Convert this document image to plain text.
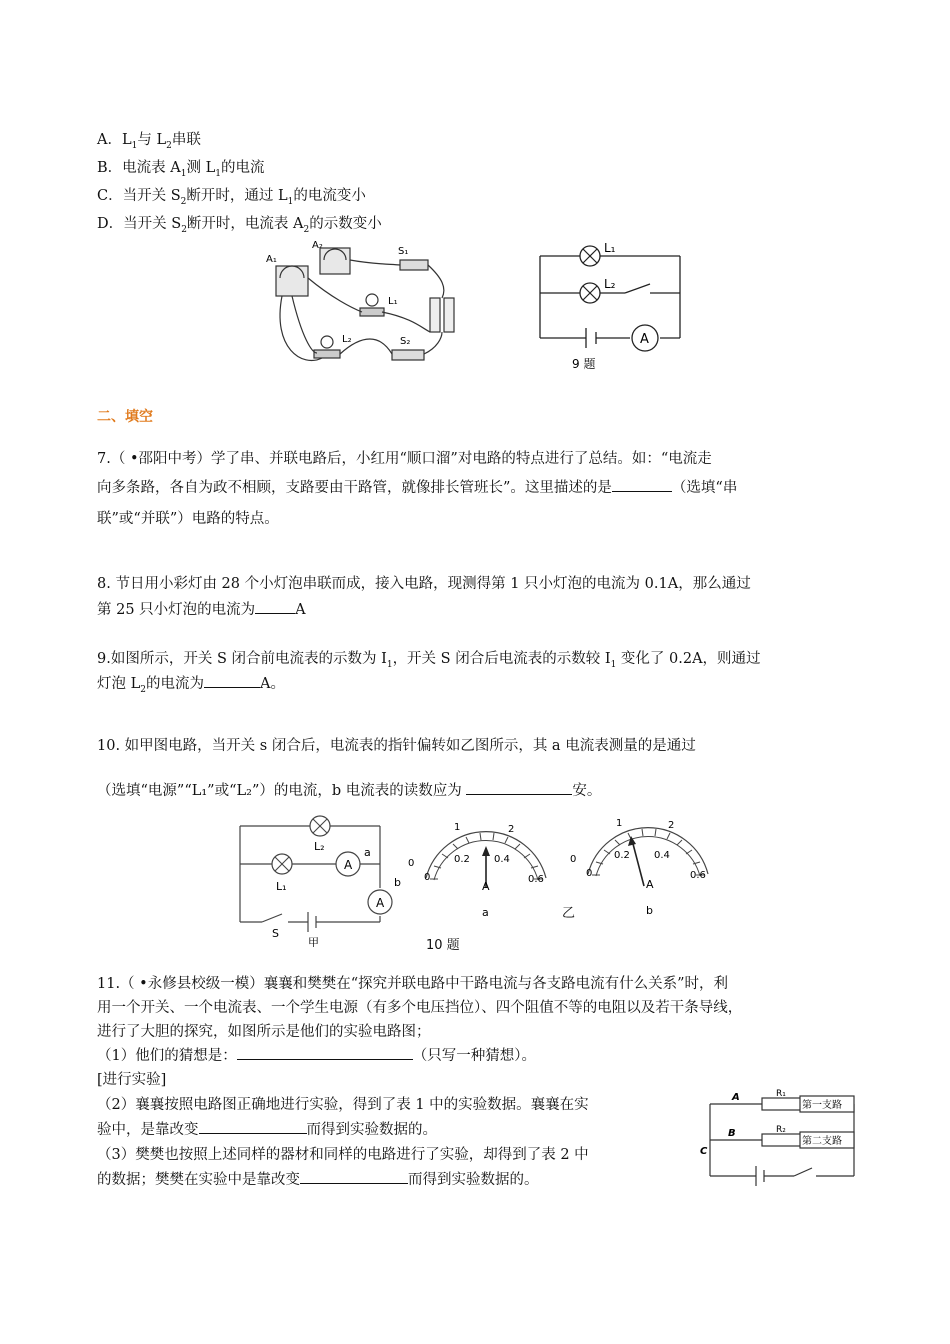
A．$L_1$与 $L_2$串联
B．电流表 $A_1$测 $L_1$的电流
C．当开关 $S_2$断开时，通过 $L_1$的电流变小
D．当开关 $S_2$断开时，电流表 $A_2$的示数变小
A₁
A₂
S₁
L₁
L₂	S₂
L₁
L₂
A
9 题
二、填空
7.（ •邵阳中考）学了串、并联电路后，小红用“顺口溜”对电路的特点进行了总结。如：“电流走
向多条路，各自为政不相顾，支路要由干路管，就像排长管班长”。这里描述的是	（选填“串
联”或“并联”）电路的特点。
8. 节日用小彩灯由 28 个小灯泡串联而成，接入电路，现测得第 1 只小灯泡的电流为 0.1A，那么通过
第 25 只小灯泡的电流为	A
9.如图所示，开关 S 闭合前电流表的示数为 $I_1$，开关 S 闭合后电流表的示数较 $I_1$ 变化了 0.2A，则通过
灯泡 $L_2$的电流为	A。
10. 如甲图电路，当开关 s 闭合后，电流表的指针偏转如乙图所示，其 a 电流表测量的是通过
（选填“电源”“L₁”或“L₂”）的电流，b 电流表的读数应为	安。
L₂
L₁
A
A
a
b
S
甲
1	2
0
0
0.2 0.4
0.6
A
a	乙
1	2
0
0
0.2 0.4
0.6
A
b
10 题
11.（ •永修县校级一模）襄襄和樊樊在“探究并联电路中干路电流与各支路电流有什么关系”时，利
用一个开关、一个电流表、一个学生电源（有多个电压挡位）、四个阻值不等的电阻以及若干条导线，
进行了大胆的探究，如图所示是他们的实验电路图；
（1）他们的猜想是：	（只写一种猜想）。
[进行实验]
（2）襄襄按照电路图正确地进行实验，得到了表 1 中的实验数据。襄襄在实
验中，是靠改变	而得到实验数据的。
（3）樊樊也按照上述同样的器材和同样的电路进行了实验，却得到了表 2 中
的数据；樊樊在实验中是靠改变	而得到实验数据的。
A
B
C
R₁
R₂
第一支路
第二支路
